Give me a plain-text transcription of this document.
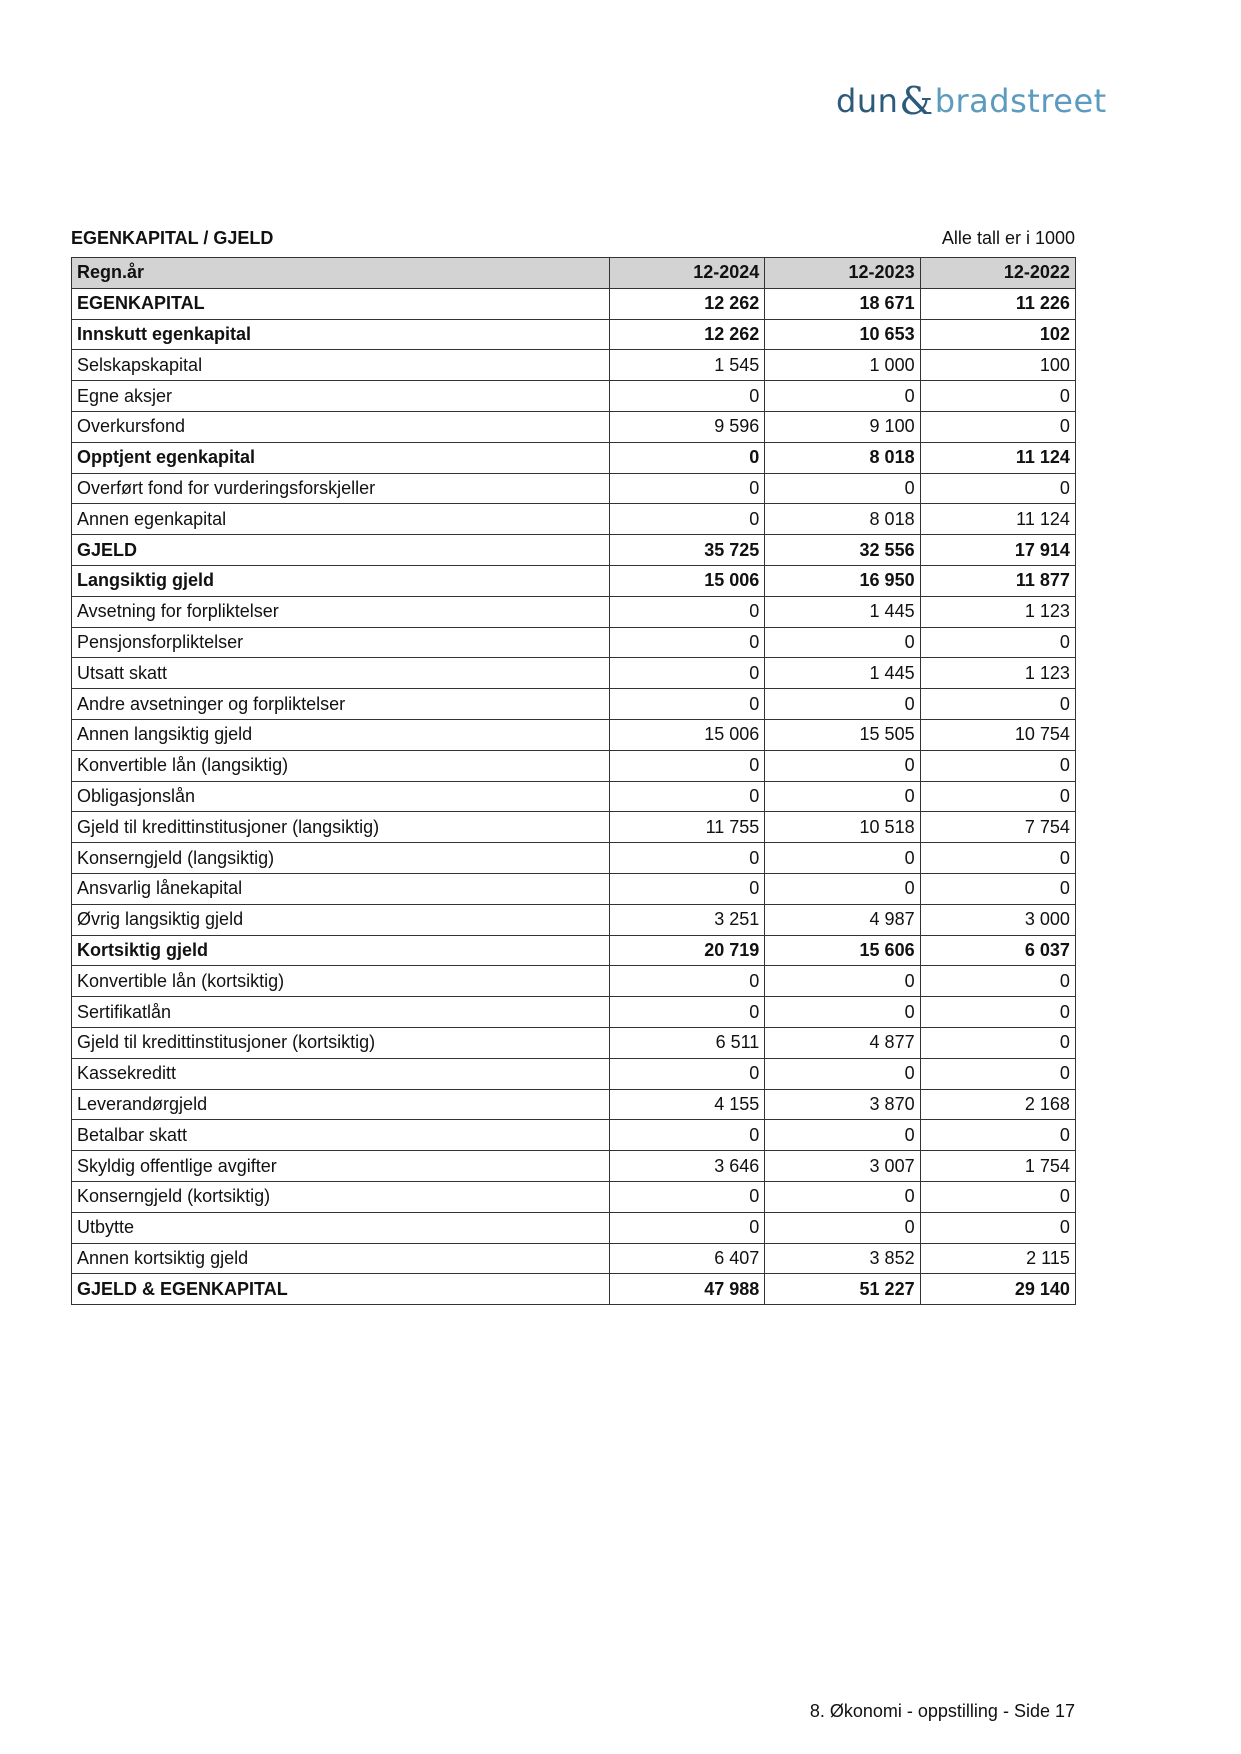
dun & bradstreet
EGENKAPITAL / GJELD	Alle tall er i 1000
Regn.år	12-2024	12-2023	12-2022
EGENKAPITAL	12 262	18 671	11 226
Innskutt egenkapital	12 262	10 653	102
Selskapskapital	1 545	1 000	100
Egne aksjer	0	0	0
Overkursfond	9 596	9 100	0
Opptjent egenkapital	0	8 018	11 124
Overført fond for vurderingsforskjeller	0	0	0
Annen egenkapital	0	8 018	11 124
GJELD	35 725	32 556	17 914
Langsiktig gjeld	15 006	16 950	11 877
Avsetning for forpliktelser	0	1 445	1 123
Pensjonsforpliktelser	0	0	0
Utsatt skatt	0	1 445	1 123
Andre avsetninger og forpliktelser	0	0	0
Annen langsiktig gjeld	15 006	15 505	10 754
Konvertible lån (langsiktig)	0	0	0
Obligasjonslån	0	0	0
Gjeld til kredittinstitusjoner (langsiktig)	11 755	10 518	7 754
Konserngjeld (langsiktig)	0	0	0
Ansvarlig lånekapital	0	0	0
Øvrig langsiktig gjeld	3 251	4 987	3 000
Kortsiktig gjeld	20 719	15 606	6 037
Konvertible lån (kortsiktig)	0	0	0
Sertifikatlån	0	0	0
Gjeld til kredittinstitusjoner (kortsiktig)	6 511	4 877	0
Kassekreditt	0	0	0
Leverandørgjeld	4 155	3 870	2 168
Betalbar skatt	0	0	0
Skyldig offentlige avgifter	3 646	3 007	1 754
Konserngjeld (kortsiktig)	0	0	0
Utbytte	0	0	0
Annen kortsiktig gjeld	6 407	3 852	2 115
GJELD & EGENKAPITAL	47 988	51 227	29 140
8. Økonomi - oppstilling - Side 17
